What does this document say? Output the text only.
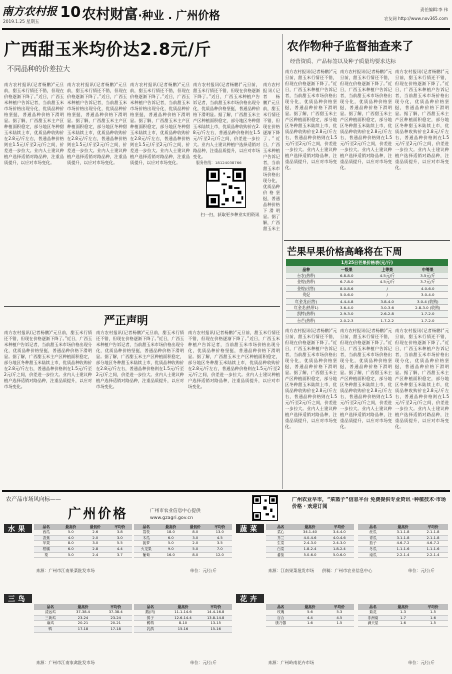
南方农村报
2019.1.25 星期五
10 农村财富·种业 . 广州价格	责任编辑:李 伟
农友网 http://www.nov365.com
广西甜玉米均价达2.8元/斤
不同品种的价差拉大
南方农村报讯(记者杨鹏)“元旦前，甜玉米行情还不错，但现在价格逐渐下降了。”近日，广西玉米种植户告诉记者，当前甜玉米市场价格出现分化，优质品种价格坚挺，普通品种价格下滑明显。据了解，广西甜玉米主产区种植面积稳定，部分地区冬种甜玉米陆续上市，优质品种收购价在2.8元/斤左右，普通品种价格则在1.5元/斤至2元/斤之间，价差进一步拉大。业内人士建议种植户选择适销对路品种，注重品质提升，以应对市场变化。
南方农村报讯(记者杨鹏)“元旦前，甜玉米行情还不错，但现在价格逐渐下降了。”近日，广西玉米种植户告诉记者，当前甜玉米市场价格出现分化，优质品种价格坚挺，普通品种价格下滑明显。据了解，广西甜玉米主产区种植面积稳定，部分地区冬种甜玉米陆续上市，优质品种收购价在2.8元/斤左右，普通品种价格则在1.5元/斤至2元/斤之间，价差进一步拉大。业内人士建议种植户选择适销对路品种，注重品质提升，以应对市场变化。
南方农村报讯(记者杨鹏)“元旦前，甜玉米行情还不错，但现在价格逐渐下降了。”近日，广西玉米种植户告诉记者，当前甜玉米市场价格出现分化，优质品种价格坚挺，普通品种价格下滑明显。据了解，广西甜玉米主产区种植面积稳定，部分地区冬种甜玉米陆续上市，优质品种收购价在2.8元/斤左右，普通品种价格则在1.5元/斤至2元/斤之间，价差进一步拉大。业内人士建议种植户选择适销对路品种，注重品质提升，以应对市场变化。
南方农村报讯(记者杨鹏)“元旦前，甜玉米行情还不错，但现在价格逐渐下降了。”近日，广西玉米种植户告诉记者，当前甜玉米市场价格出现分化，优质品种价格坚挺，普通品种价格下滑明显。据了解，广西甜玉米主产区种植面积稳定，部分地区冬种甜玉米陆续上市，优质品种收购价在2.8元/斤左右，普通品种价格则在1.5元/斤至2元/斤之间，价差进一步拉大。业内人士建议种植户选择适销对路品种，注重品质提升，以应对市场变化。
南方农村报讯(记者杨鹏)“元旦前，甜玉米行情还不错，但现在价格逐渐下降了。”近日，广西玉米种植户告诉记者，当前甜玉米市场价格出现分化，优质品种价格坚挺，普通品种价格下滑明显。据了解，广西甜玉米主
扫一扫，获取更多种业实用资讯
服务热线：18124038766
农作物种子监督抽查来了
经营资质、产品标签以及种子质量均要求达标
南方农村报讯(记者杨鹏)“元旦前，甜玉米行情还不错，但现在价格逐渐下降了。”近日，广西玉米种植户告诉记者，当前甜玉米市场价格出现分化，优质品种价格坚挺，普通品种价格下滑明显。据了解，广西甜玉米主产区种植面积稳定，部分地区冬种甜玉米陆续上市，优质品种收购价在2.8元/斤左右，普通品种价格则在1.5元/斤至2元/斤之间，价差进一步拉大。业内人士建议种植户选择适销对路品种，注重品质提升，以应对市场变化。
南方农村报讯(记者杨鹏)“元旦前，甜玉米行情还不错，但现在价格逐渐下降了。”近日，广西玉米种植户告诉记者，当前甜玉米市场价格出现分化，优质品种价格坚挺，普通品种价格下滑明显。据了解，广西甜玉米主产区种植面积稳定，部分地区冬种甜玉米陆续上市，优质品种收购价在2.8元/斤左右，普通品种价格则在1.5元/斤至2元/斤之间，价差进一步拉大。业内人士建议种植户选择适销对路品种，注重品质提升，以应对市场变化。
南方农村报讯(记者杨鹏)“元旦前，甜玉米行情还不错，但现在价格逐渐下降了。”近日，广西玉米种植户告诉记者，当前甜玉米市场价格出现分化，优质品种价格坚挺，普通品种价格下滑明显。据了解，广西甜玉米主产区种植面积稳定，部分地区冬种甜玉米陆续上市，优质品种收购价在2.8元/斤左右，普通品种价格则在1.5元/斤至2元/斤之间，价差进一步拉大。业内人士建议种植户选择适销对路品种，注重品质提升，以应对市场变化。
芒果早果价格高峰将在下周
1月25日芒果价格表(元/斤)
品种	一级果	上等果	中等果
台农(热带)	6.8-8.0	4.5元/斤	3.5元/斤
金煌(热带)	6.7-8.0	4.5元/斤	3.7元/斤
金煌(出售)	8.0-8.6	/	4.0-6.0
贵妃	5.0-6.0	/	3.0-4.0
红金龙(出售)	4.4-4.8	3.8-4.0	3.0-4 (收购)
红金龙(热带1)	3.6-4.0	3.0-3.6	2.8-3.0 (收购)
凯特(热带)	2.9-3.0	2.6-2.8	1.7-2.0
台芒(热带)	2.0-2.3	1.7-2.2	1.7-2.0
南方农村报讯(记者杨鹏)“元旦前，甜玉米行情还不错，但现在价格逐渐下降了。”近日，广西玉米种植户告诉记者，当前甜玉米市场价格出现分化，优质品种价格坚挺，普通品种价格下滑明显。据了解，广西甜玉米主产区种植面积稳定，部分地区冬种甜玉米陆续上市，优质品种收购价在2.8元/斤左右，普通品种价格则在1.5元/斤至2元/斤之间，价差进一步拉大。业内人士建议种植户选择适销对路品种，注重品质提升，以应对市场变化。
南方农村报讯(记者杨鹏)“元旦前，甜玉米行情还不错，但现在价格逐渐下降了。”近日，广西玉米种植户告诉记者，当前甜玉米市场价格出现分化，优质品种价格坚挺，普通品种价格下滑明显。据了解，广西甜玉米主产区种植面积稳定，部分地区冬种甜玉米陆续上市，优质品种收购价在2.8元/斤左右，普通品种价格则在1.5元/斤至2元/斤之间，价差进一步拉大。业内人士建议种植户选择适销对路品种，注重品质提升，以应对市场变化。
南方农村报讯(记者杨鹏)“元旦前，甜玉米行情还不错，但现在价格逐渐下降了。”近日，广西玉米种植户告诉记者，当前甜玉米市场价格出现分化，优质品种价格坚挺，普通品种价格下滑明显。据了解，广西甜玉米主产区种植面积稳定，部分地区冬种甜玉米陆续上市，优质品种收购价在2.8元/斤左右，普通品种价格则在1.5元/斤至2元/斤之间，价差进一步拉大。业内人士建议种植户选择适销对路品种，注重品质提升，以应对市场变化。
严正声明
南方农村报讯(记者杨鹏)“元旦前，甜玉米行情还不错，但现在价格逐渐下降了。”近日，广西玉米种植户告诉记者，当前甜玉米市场价格出现分化，优质品种价格坚挺，普通品种价格下滑明显。据了解，广西甜玉米主产区种植面积稳定，部分地区冬种甜玉米陆续上市，优质品种收购价在2.8元/斤左右，普通品种价格则在1.5元/斤至2元/斤之间，价差进一步拉大。业内人士建议种植户选择适销对路品种，注重品质提升，以应对市场变化。
南方农村报讯(记者杨鹏)“元旦前，甜玉米行情还不错，但现在价格逐渐下降了。”近日，广西玉米种植户告诉记者，当前甜玉米市场价格出现分化，优质品种价格坚挺，普通品种价格下滑明显。据了解，广西甜玉米主产区种植面积稳定，部分地区冬种甜玉米陆续上市，优质品种收购价在2.8元/斤左右，普通品种价格则在1.5元/斤至2元/斤之间，价差进一步拉大。业内人士建议种植户选择适销对路品种，注重品质提升，以应对市场变化。
南方农村报讯(记者杨鹏)“元旦前，甜玉米行情还不错，但现在价格逐渐下降了。”近日，广西玉米种植户告诉记者，当前甜玉米市场价格出现分化，优质品种价格坚挺，普通品种价格下滑明显。据了解，广西甜玉米主产区种植面积稳定，部分地区冬种甜玉米陆续上市，优质品种收购价在2.8元/斤左右，普通品种价格则在1.5元/斤至2元/斤之间，价差进一步拉大。业内人士建议种植户选择适销对路品种，注重品质提升，以应对市场变化。
农产品市场风向标——
广州价格	广州市农业信息中心提供
www.gzagri.gov.cn
广州农业早市，“菜篮子”信息平台 免费提供专业资讯 ·种植技术·市场价格 · 欢迎订阅
水果	品名	最高价	最低价	平均价
西瓜	5.0	2.6	3.8
香蕉	4.0	2.0	3.0
苹果	8.0	3.0	5.5
柑橘	6.0	2.8	4.4
梨	5.0	2.4	3.7
品名	最高价	最低价	平均价
荔枝	18.0	8.0	13.0
木瓜	6.0	3.0	4.5
菠萝	5.0	2.0	3.5
火龙果	9.0	5.0	7.0
葡萄	16.0	8.0	12.0
来源：广州市江南果菜批发市场	单位：元/公斤
蔬菜	品名	最高价	平均价
菜心	34.1-40	3.4-4.0
芥兰	4.0-4.6	4.0-4.6
生菜	2.4-3.0	2.4-3.0
白菜	1.8-2.4	1.8-2.4
番茄	5.0-6.0	5.0-6.0
品名	最高价	平均价
丝瓜	3.1-1.8	2.1-1.8
青瓜	3.1-1.8	2.1-1.8
茄子	4.6-7.2	4.6-7.2
冬瓜	1.1-1.6	1.1-1.6
南瓜	2.2-1.4	2.2-1.4
来源：江南果菜批发市场 供稿：广州市农业信息中心	单位：元/公斤
三鸟
品名	最高价	平均价
清远鸡	37-38.4	37-38.4
三黄鸡	23-24	23-24
麻鸡	20-21	20-21
鸭	17-18	17-18
品名	最高价	平均价
鹅(肉)	11.1-14.6	14.4-16.8
鸽子	12.6-14.4	13.8-14.8
鹌鹑	8-10	13-15
乳鸽	15-16	15-16
来源：广州市江南家禽批发市场	单位：元/公斤
花卉
品名	最高价	平均价
玫瑰	5.6	5.3
百合	4.4	4.5
康乃馨	1.6	1.5
品名	最高价	平均价
菊花	1.3	1.5
非洲菊	1.7	1.6
满天星	1.6	1.5
来源：广州岭南花卉市场	单位：元/公斤
